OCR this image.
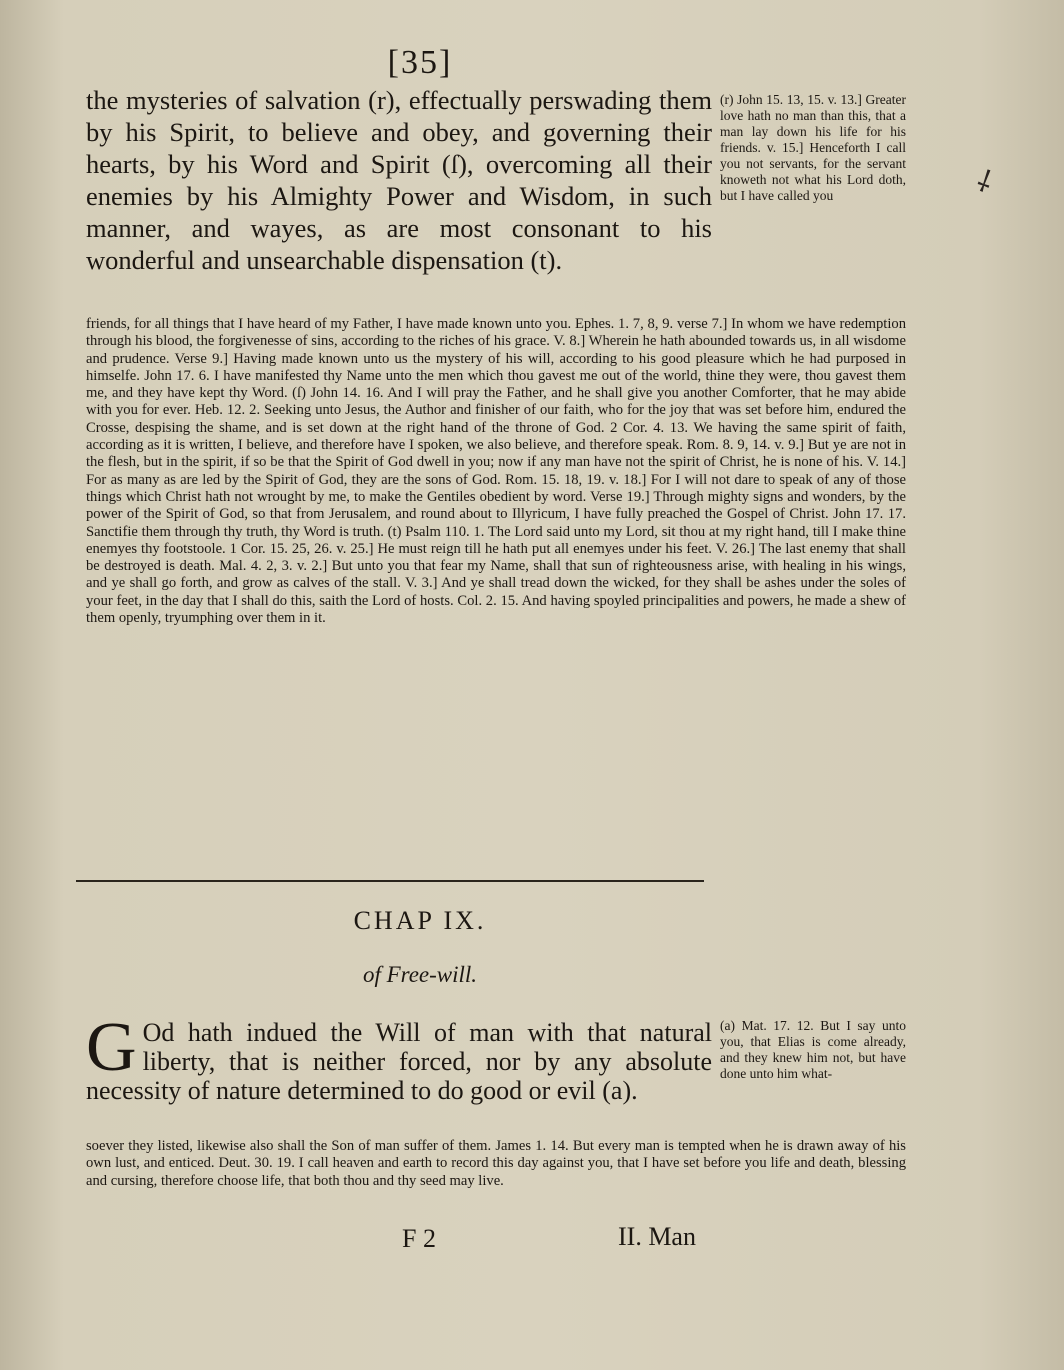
[35]
the mysteries of salvation (r), effectually perswading them by his Spirit, to believe and obey, and governing their hearts, by his Word and Spirit (ſ), overcoming all their enemies by his Almighty Power and Wisdom, in such manner, and wayes, as are most consonant to his wonderful and unsearchable dispensation (t).
(r) John 15. 13, 15. v. 13.] Greater love hath no man than this, that a man lay down his life for his friends. v. 15.] Henceforth I call you not servants, for the servant knoweth not what his Lord doth, but I have called you
friends, for all things that I have heard of my Father, I have made known unto you. Ephes. 1. 7, 8, 9. verse 7.] In whom we have redemption through his blood, the forgivenesse of sins, according to the riches of his grace. V. 8.] Wherein he hath abounded towards us, in all wisdome and prudence. Verse 9.] Having made known unto us the mystery of his will, according to his good pleasure which he had purposed in himselfe. John 17. 6. I have manifested thy Name unto the men which thou gavest me out of the world, thine they were, thou gavest them me, and they have kept thy Word. (ſ) John 14. 16. And I will pray the Father, and he shall give you another Comforter, that he may abide with you for ever. Heb. 12. 2. Seeking unto Jesus, the Author and finisher of our faith, who for the joy that was set before him, endured the Crosse, despising the shame, and is set down at the right hand of the throne of God. 2 Cor. 4. 13. We having the same spirit of faith, according as it is written, I believe, and therefore have I spoken, we also believe, and therefore speak. Rom. 8. 9, 14. v. 9.] But ye are not in the flesh, but in the spirit, if so be that the Spirit of God dwell in you; now if any man have not the spirit of Christ, he is none of his. V. 14.] For as many as are led by the Spirit of God, they are the sons of God. Rom. 15. 18, 19. v. 18.] For I will not dare to speak of any of those things which Christ hath not wrought by me, to make the Gentiles obedient by word. Verse 19.] Through mighty signs and wonders, by the power of the Spirit of God, so that from Jerusalem, and round about to Illyricum, I have fully preached the Gospel of Christ. John 17. 17. Sanctifie them through thy truth, thy Word is truth. (t) Psalm 110. 1. The Lord said unto my Lord, sit thou at my right hand, till I make thine enemyes thy footstoole. 1 Cor. 15. 25, 26. v. 25.] He must reign till he hath put all enemyes under his feet. V. 26.] The last enemy that shall be destroyed is death. Mal. 4. 2, 3. v. 2.] But unto you that fear my Name, shall that sun of righteousness arise, with healing in his wings, and ye shall go forth, and grow as calves of the stall. V. 3.] And ye shall tread down the wicked, for they shall be ashes under the soles of your feet, in the day that I shall do this, saith the Lord of hosts. Col. 2. 15. And having spoyled principalities and powers, he made a shew of them openly, tryumphing over them in it.
CHAP IX.
of Free-will.
G Od hath indued the Will of man with that natural liberty, that is neither forced, nor by any absolute necessity of nature determined to do good or evil (a).
(a) Mat. 17. 12. But I say unto you, that Elias is come already, and they knew him not, but have done unto him what-
soever they listed, likewise also shall the Son of man suffer of them. James 1. 14. But every man is tempted when he is drawn away of his own lust, and enticed. Deut. 30. 19. I call heaven and earth to record this day against you, that I have set before you life and death, blessing and cursing, therefore choose life, that both thou and thy seed may live.
F 2	II. Man
⸸
